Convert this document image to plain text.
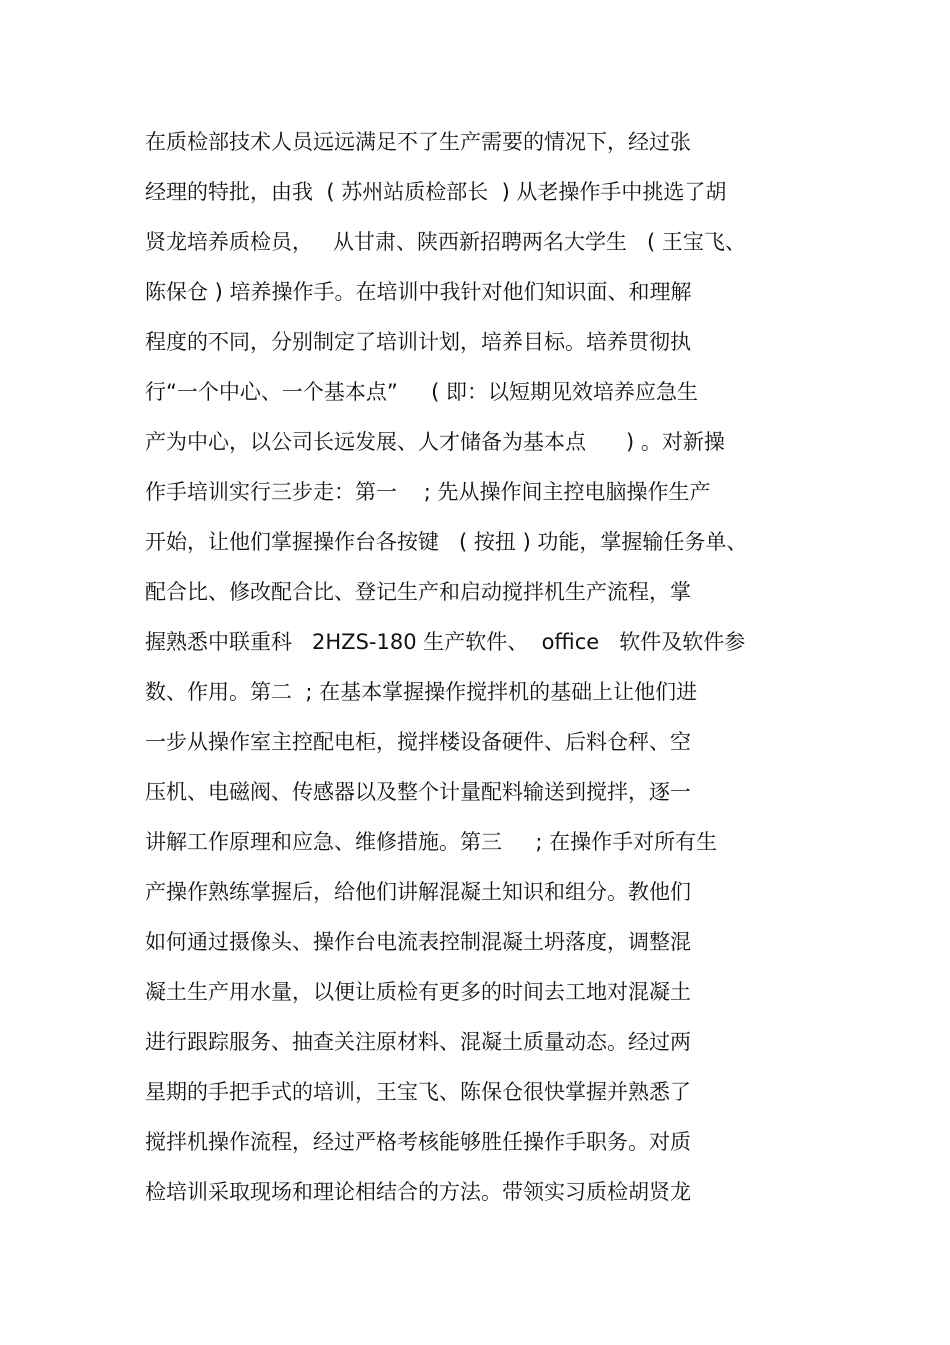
在质检部技术人员远远满足不了生产需要的情况下，经过张
经理的特批，由我  ( 苏州站质检部长  ) 从老操作手中挑选了胡
贤龙培养质检员，   从甘肃、陕西新招聘两名大学生   ( 王宝飞、
陈保仓 ) 培养操作手。在培训中我针对他们知识面、和理解
程度的不同，分别制定了培训计划，培养目标。培养贯彻执
行“一个中心、一个基本点”     ( 即：以短期见效培养应急生
产为中心，以公司长远发展、人才储备为基本点      ) 。对新操
作手培训实行三步走：第一    ; 先从操作间主控电脑操作生产
开始，让他们掌握操作台各按键   ( 按扭 ) 功能，掌握输任务单、
配合比、修改配合比、登记生产和启动搅拌机生产流程，掌
握熟悉中联重科   2HZS-180 生产软件、  office   软件及软件参
数、作用。第二  ; 在基本掌握操作搅拌机的基础上让他们进
一步从操作室主控配电柜，搅拌楼设备硬件、后料仓秤、空
压机、电磁阀、传感器以及整个计量配料输送到搅拌，逐一
讲解工作原理和应急、维修措施。第三     ; 在操作手对所有生
产操作熟练掌握后，给他们讲解混凝土知识和组分。教他们
如何通过摄像头、操作台电流表控制混凝土坍落度，调整混
凝土生产用水量，以便让质检有更多的时间去工地对混凝土
进行跟踪服务、抽查关注原材料、混凝土质量动态。经过两
星期的手把手式的培训，王宝飞、陈保仓很快掌握并熟悉了
搅拌机操作流程，经过严格考核能够胜任操作手职务。对质
检培训采取现场和理论相结合的方法。带领实习质检胡贤龙
